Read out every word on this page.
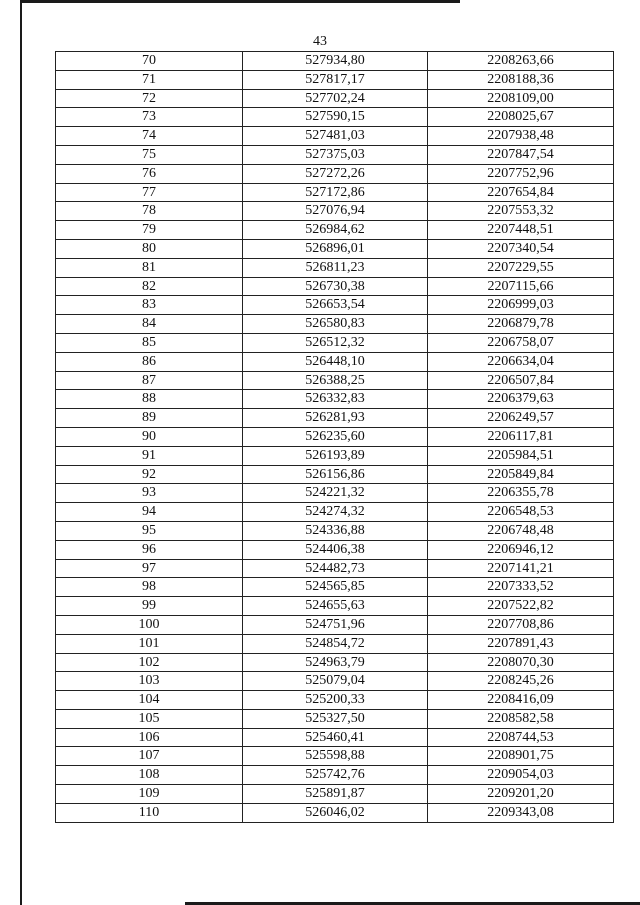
43
70	527934,80	2208263,66
71	527817,17	2208188,36
72	527702,24	2208109,00
73	527590,15	2208025,67
74	527481,03	2207938,48
75	527375,03	2207847,54
76	527272,26	2207752,96
77	527172,86	2207654,84
78	527076,94	2207553,32
79	526984,62	2207448,51
80	526896,01	2207340,54
81	526811,23	2207229,55
82	526730,38	2207115,66
83	526653,54	2206999,03
84	526580,83	2206879,78
85	526512,32	2206758,07
86	526448,10	2206634,04
87	526388,25	2206507,84
88	526332,83	2206379,63
89	526281,93	2206249,57
90	526235,60	2206117,81
91	526193,89	2205984,51
92	526156,86	2205849,84
93	524221,32	2206355,78
94	524274,32	2206548,53
95	524336,88	2206748,48
96	524406,38	2206946,12
97	524482,73	2207141,21
98	524565,85	2207333,52
99	524655,63	2207522,82
100	524751,96	2207708,86
101	524854,72	2207891,43
102	524963,79	2208070,30
103	525079,04	2208245,26
104	525200,33	2208416,09
105	525327,50	2208582,58
106	525460,41	2208744,53
107	525598,88	2208901,75
108	525742,76	2209054,03
109	525891,87	2209201,20
110	526046,02	2209343,08
